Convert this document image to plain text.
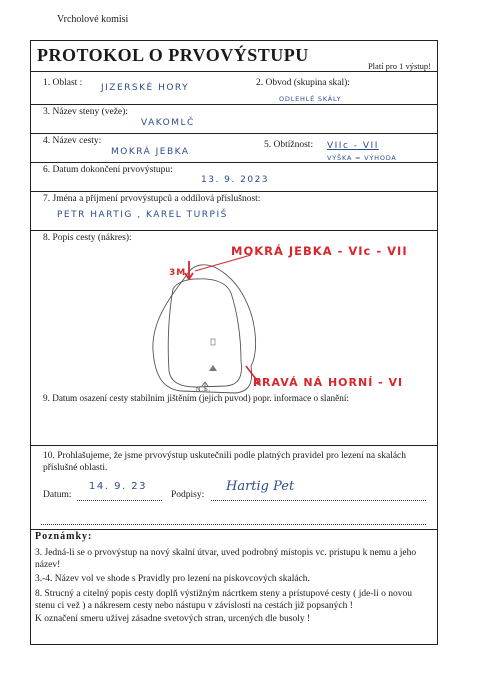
Vrcholové komisi
PROTOKOL O PRVOVÝSTUPU
Platí pro 1 výstup!
1. Oblast : JIZERSKÉ HORY	2. Obvod (skupina skal):
ODLEHLÉ SKÁLY
3. Název steny (veže):
VAKOMLČ
4. Název cesty:
MOKRÁ JEBKA
5. Obtížnost: VIIc - VII
VÝŠKA = VÝHODA
6. Datum dokončení prvovýstupu:
13. 9. 2023
7. Jména a příjmení prvovýstupců a oddílová příslušnost:
PETR HARTIG , KAREL TURPIŠ
8. Popis cesty (nákres):
3M
MOKRÁ JEBKA - VIc - VII
PRAVÁ NÁ HORNÍ - VI
N.S.
9. Datum osazení cesty stabilním jištěním (jejich puvod) popr. informace o slanění:
10. Prohlašujeme, že jsme prvovýstup uskutečnili podle platných pravidel pro lezení na skalách příslušné oblasti.
Datum:
14. 9. 23
Podpisy:
Hartig Pet
Poznámky:
3. Jedná-li se o prvovýstup na nový skalní útvar, uved podrobný místopis vc. prístupu k nemu a jeho název!
3.-4. Název vol ve shode s Pravidly pro lezení na pískovcových skalách.
8. Strucný a citelný popis cesty doplň výstižným nácrtkem steny a prístupové cesty ( jde-li o novou stenu ci vež ) a nákresem cesty nebo nástupu v závislosti na cestách již popsaných !
K označení smeru užívej zásadne svetových stran, urcených dle busoly !
